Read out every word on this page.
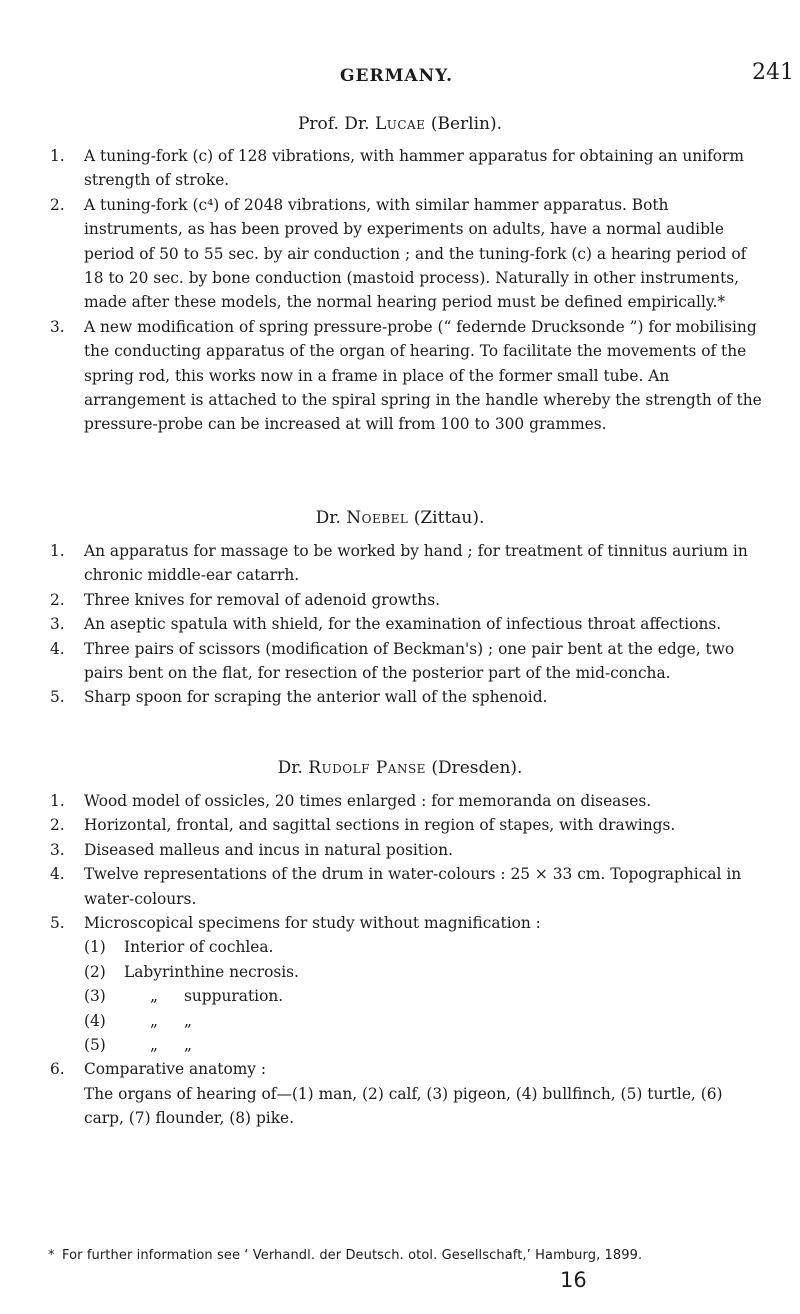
GERMANY.	241
Prof. Dr. Lucae (Berlin).
1.	A tuning-fork (c) of 128 vibrations, with hammer apparatus for obtaining an uniform strength of stroke.
2.	A tuning-fork (c⁴) of 2048 vibrations, with similar hammer apparatus. Both instruments, as has been proved by experiments on adults, have a normal audible period of 50 to 55 sec. by air conduction ; and the tuning-fork (c) a hearing period of 18 to 20 sec. by bone conduction (mastoid process). Naturally in other instruments, made after these models, the normal hearing period must be defined empirically.*
3.	A new modification of spring pressure-probe (“ federnde Drucksonde ”) for mobilising the conducting apparatus of the organ of hearing. To facilitate the movements of the spring rod, this works now in a frame in place of the former small tube. An arrangement is attached to the spiral spring in the handle whereby the strength of the pressure-probe can be increased at will from 100 to 300 grammes.
Dr. Noebel (Zittau).
1.	An apparatus for massage to be worked by hand ; for treatment of tinnitus aurium in chronic middle-ear catarrh.
2.	Three knives for removal of adenoid growths.
3.	An aseptic spatula with shield, for the examination of infectious throat affections.
4.	Three pairs of scissors (modification of Beckman's) ; one pair bent at the edge, two pairs bent on the flat, for resection of the posterior part of the mid-concha.
5.	Sharp spoon for scraping the anterior wall of the sphenoid.
Dr. Rudolf Panse (Dresden).
1.	Wood model of ossicles, 20 times enlarged : for memoranda on diseases.
2.	Horizontal, frontal, and sagittal sections in region of stapes, with drawings.
3.	Diseased malleus and incus in natural position.
4.	Twelve representations of the drum in water-colours : 25 × 33 cm. Topographical in water-colours.
5.	Microscopical specimens for study without magnification :
(1) Interior of cochlea.
(2) Labyrinthine necrosis.
(3)	„ suppuration.
(4)	„ „
(5)	„ „
6.	Comparative anatomy :
The organs of hearing of—(1) man, (2) calf, (3) pigeon, (4) bullfinch, (5) turtle, (6) carp, (7) flounder, (8) pike.
* For further information see ‘ Verhandl. der Deutsch. otol. Gesellschaft,’ Hamburg, 1899.
16
